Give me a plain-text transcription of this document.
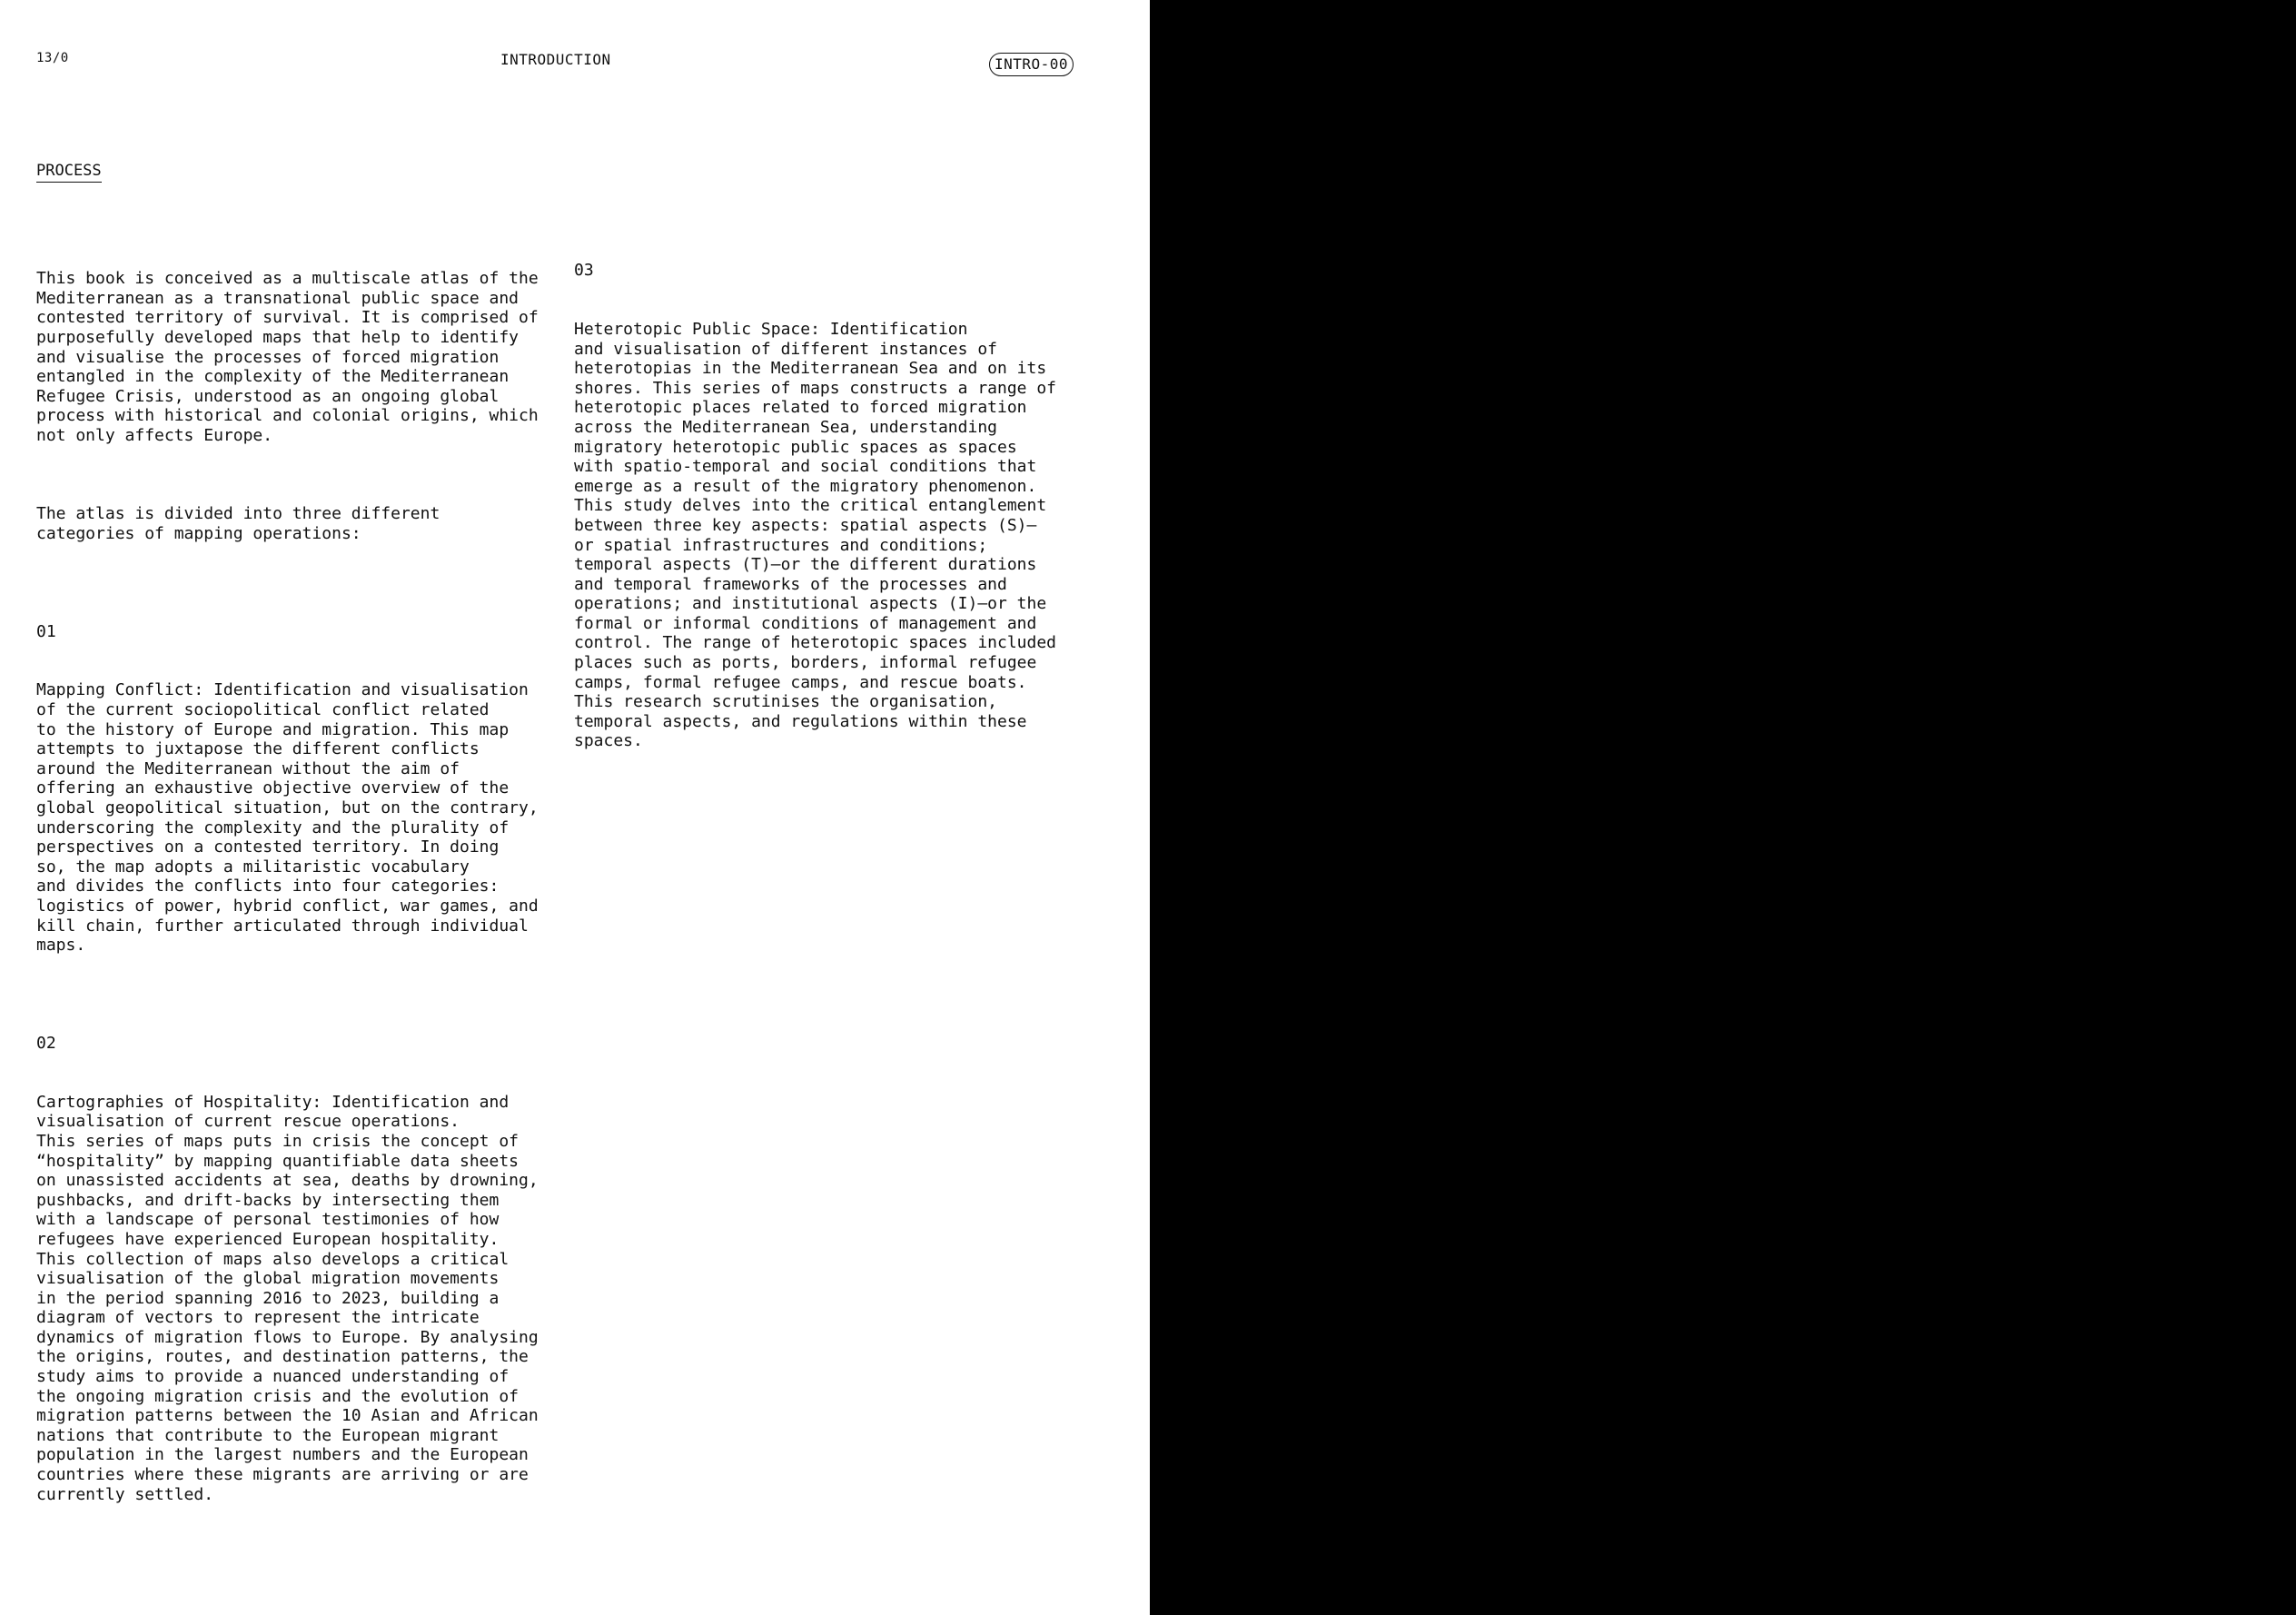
13/0	INTRODUCTION	INTRO-00
PROCESS

This book is conceived as a multiscale atlas of the
Mediterranean as a transnational public space and
contested territory of survival. It is comprised of
purposefully developed maps that help to identify
and visualise the processes of forced migration
entangled in the complexity of the Mediterranean
Refugee Crisis, understood as an ongoing global
process with historical and colonial origins, which
not only affects Europe.

The atlas is divided into three different
categories of mapping operations:

01

Mapping Conflict: Identification and visualisation
of the current sociopolitical conflict related
to the history of Europe and migration. This map
attempts to juxtapose the different conflicts
around the Mediterranean without the aim of
offering an exhaustive objective overview of the
global geopolitical situation, but on the contrary,
underscoring the complexity and the plurality of
perspectives on a contested territory. In doing
so, the map adopts a militaristic vocabulary
and divides the conflicts into four categories:
logistics of power, hybrid conflict, war games, and
kill chain, further articulated through individual
maps.

02

Cartographies of Hospitality: Identification and
visualisation of current rescue operations.
This series of maps puts in crisis the concept of
“hospitality” by mapping quantifiable data sheets
on unassisted accidents at sea, deaths by drowning,
pushbacks, and drift-backs by intersecting them
with a landscape of personal testimonies of how
refugees have experienced European hospitality.
This collection of maps also develops a critical
visualisation of the global migration movements
in the period spanning 2016 to 2023, building a
diagram of vectors to represent the intricate
dynamics of migration flows to Europe. By analysing
the origins, routes, and destination patterns, the
study aims to provide a nuanced understanding of
the ongoing migration crisis and the evolution of
migration patterns between the 10 Asian and African
nations that contribute to the European migrant
population in the largest numbers and the European
countries where these migrants are arriving or are
currently settled.

03

Heterotopic Public Space: Identification
and visualisation of different instances of
heterotopias in the Mediterranean Sea and on its
shores. This series of maps constructs a range of
heterotopic places related to forced migration
across the Mediterranean Sea, understanding
migratory heterotopic public spaces as spaces
with spatio-temporal and social conditions that
emerge as a result of the migratory phenomenon.
This study delves into the critical entanglement
between three key aspects: spatial aspects (S)—
or spatial infrastructures and conditions;
temporal aspects (T)—or the different durations
and temporal frameworks of the processes and
operations; and institutional aspects (I)—or the
formal or informal conditions of management and
control. The range of heterotopic spaces included
places such as ports, borders, informal refugee
camps, formal refugee camps, and rescue boats.
This research scrutinises the organisation,
temporal aspects, and regulations within these
spaces.

POSTER Nº02
DATA ON
BODIES,
POLITICS,
AND
EVENTS
TAKE ME WITH YOU
